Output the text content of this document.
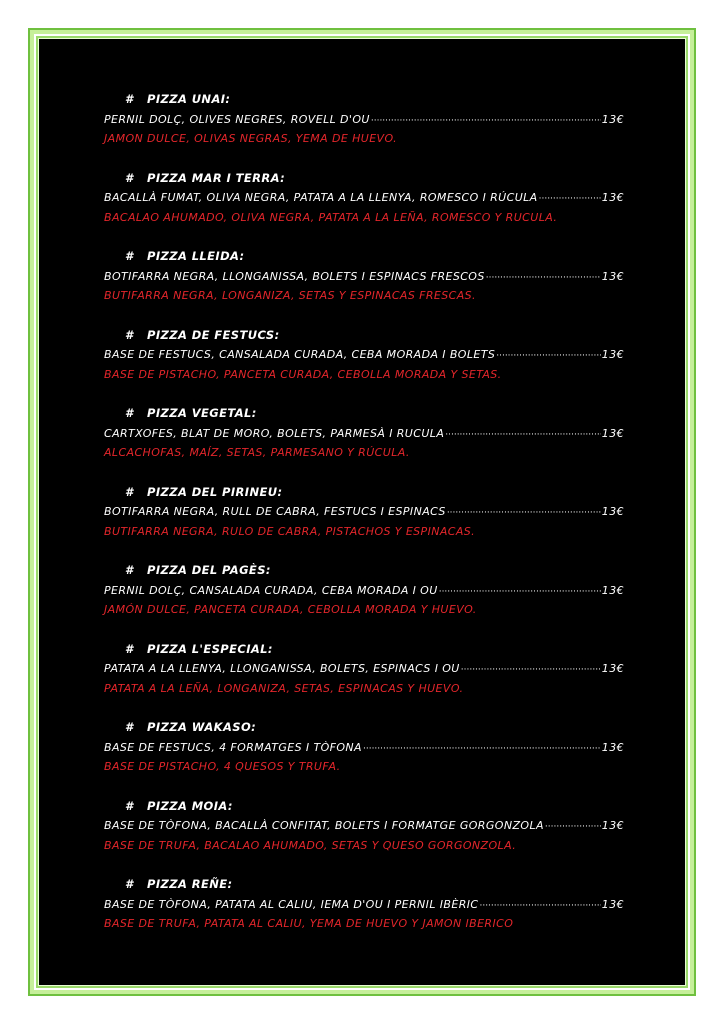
# PIZZA UNAI:
PERNIL DOLÇ, OLIVES NEGRES, ROVELL D'OU ·····	13€
JAMON DULCE, OLIVAS NEGRAS, YEMA DE HUEVO.
# PIZZA MAR I TERRA:
BACALLÀ FUMAT, OLIVA NEGRA, PATATA A LA LLENYA, ROMESCO I RÚCULA ·····	13€
BACALAO AHUMADO, OLIVA NEGRA, PATATA A LA LEÑA, ROMESCO Y RUCULA.
# PIZZA LLEIDA:
BOTIFARRA NEGRA, LLONGANISSA, BOLETS I ESPINACS FRESCOS ·····	13€
BUTIFARRA NEGRA, LONGANIZA, SETAS Y ESPINACAS FRESCAS.
# PIZZA DE FESTUCS:
BASE DE FESTUCS, CANSALADA CURADA, CEBA MORADA I BOLETS ·····	13€
BASE DE PISTACHO, PANCETA CURADA, CEBOLLA MORADA Y SETAS.
# PIZZA VEGETAL:
CARTXOFES, BLAT DE MORO, BOLETS, PARMESÀ I RUCULA ·····	13€
ALCACHOFAS, MAÍZ, SETAS, PARMESANO Y RÚCULA.
# PIZZA DEL PIRINEU:
BOTIFARRA NEGRA, RULL DE CABRA, FESTUCS I ESPINACS ·····	13€
BUTIFARRA NEGRA, RULO DE CABRA, PISTACHOS Y ESPINACAS.
# PIZZA DEL PAGÈS:
PERNIL DOLÇ, CANSALADA CURADA, CEBA MORADA I OU ·····	13€
JAMÓN DULCE, PANCETA CURADA, CEBOLLA MORADA Y HUEVO.
# PIZZA L'ESPECIAL:
PATATA A LA LLENYA, LLONGANISSA, BOLETS, ESPINACS I OU ·····	13€
PATATA A LA LEÑA, LONGANIZA, SETAS, ESPINACAS Y HUEVO.
# PIZZA WAKASO:
BASE DE FESTUCS, 4 FORMATGES I TÒFONA ·····	13€
BASE DE PISTACHO, 4 QUESOS Y TRUFA.
# PIZZA MOIA:
BASE DE TÒFONA, BACALLÀ CONFITAT, BOLETS I FORMATGE GORGONZOLA ·····	13€
BASE DE TRUFA, BACALAO AHUMADO, SETAS Y QUESO GORGONZOLA.
# PIZZA REÑE:
BASE DE TÒFONA, PATATA AL CALIU, IEMA D'OU I PERNIL IBÈRIC ·····	13€
BASE DE TRUFA, PATATA AL CALIU, YEMA DE HUEVO Y JAMON IBERICO
